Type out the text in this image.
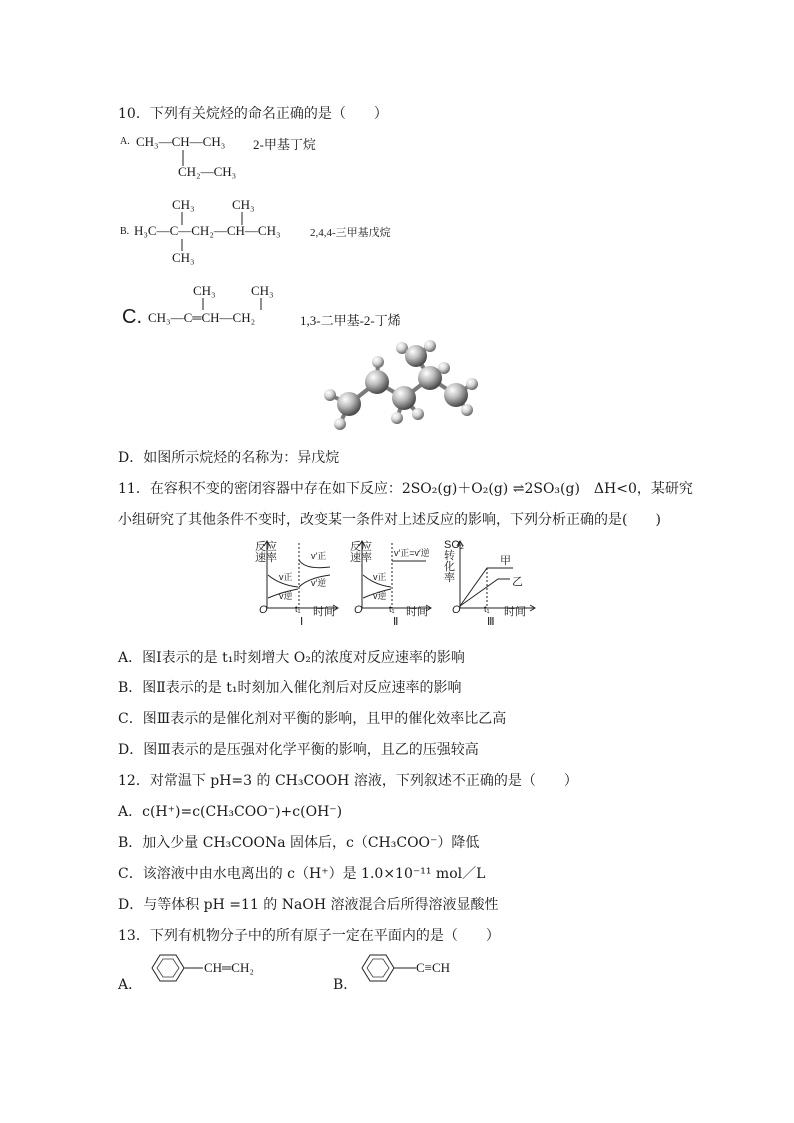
10．下列有关烷烃的命名正确的是（　　）
A. CH₃—CH—CH₃ 2-甲基丁烷
CH₂—CH₃
CH₃	CH₃
B. H₃C—C—CH₂—CH—CH₃	2,4,4-三甲基戊烷
CH₃
CH₃	CH₃
C. CH₃—C═CH—CH₂	1,3-二甲基-2-丁烯
D．如图所示烷烃的名称为：异戊烷
11．在容积不变的密闭容器中存在如下反应：2SO₂(g)＋O₂(g) ⇌2SO₃(g)　ΔH<0，某研究
小组研究了其他条件不变时，改变某一条件对上述反应的影响，下列分析正确的是(　　)
反应
速率
v正
v逆
v′正
v′逆
O	t₁ 时间
Ⅰ
反应
速率 v′正=v′逆
v正
v逆
O	t₁ 时间
Ⅱ
SO₂
转
化
率
甲
乙
O	t₁ 时间
Ⅲ
A．图Ⅰ表示的是 t₁时刻增大 O₂的浓度对反应速率的影响
B．图Ⅱ表示的是 t₁时刻加入催化剂后对反应速率的影响
C．图Ⅲ表示的是催化剂对平衡的影响，且甲的催化效率比乙高
D．图Ⅲ表示的是压强对化学平衡的影响，且乙的压强较高
12．对常温下 pH=3 的 CH₃COOH 溶液，下列叙述不正确的是（　　）
A．c(H⁺)=c(CH₃COO⁻)+c(OH⁻)
B．加入少量 CH₃COONa 固体后，c（CH₃COO⁻）降低
C．该溶液中由水电离出的 c（H⁺）是 1.0×10⁻¹¹ mol／L
D．与等体积 pH =11 的 NaOH 溶液混合后所得溶液显酸性
13．下列有机物分子中的所有原子一定在平面内的是（　　）
A．
CH═CH₂
B．
C≡CH
